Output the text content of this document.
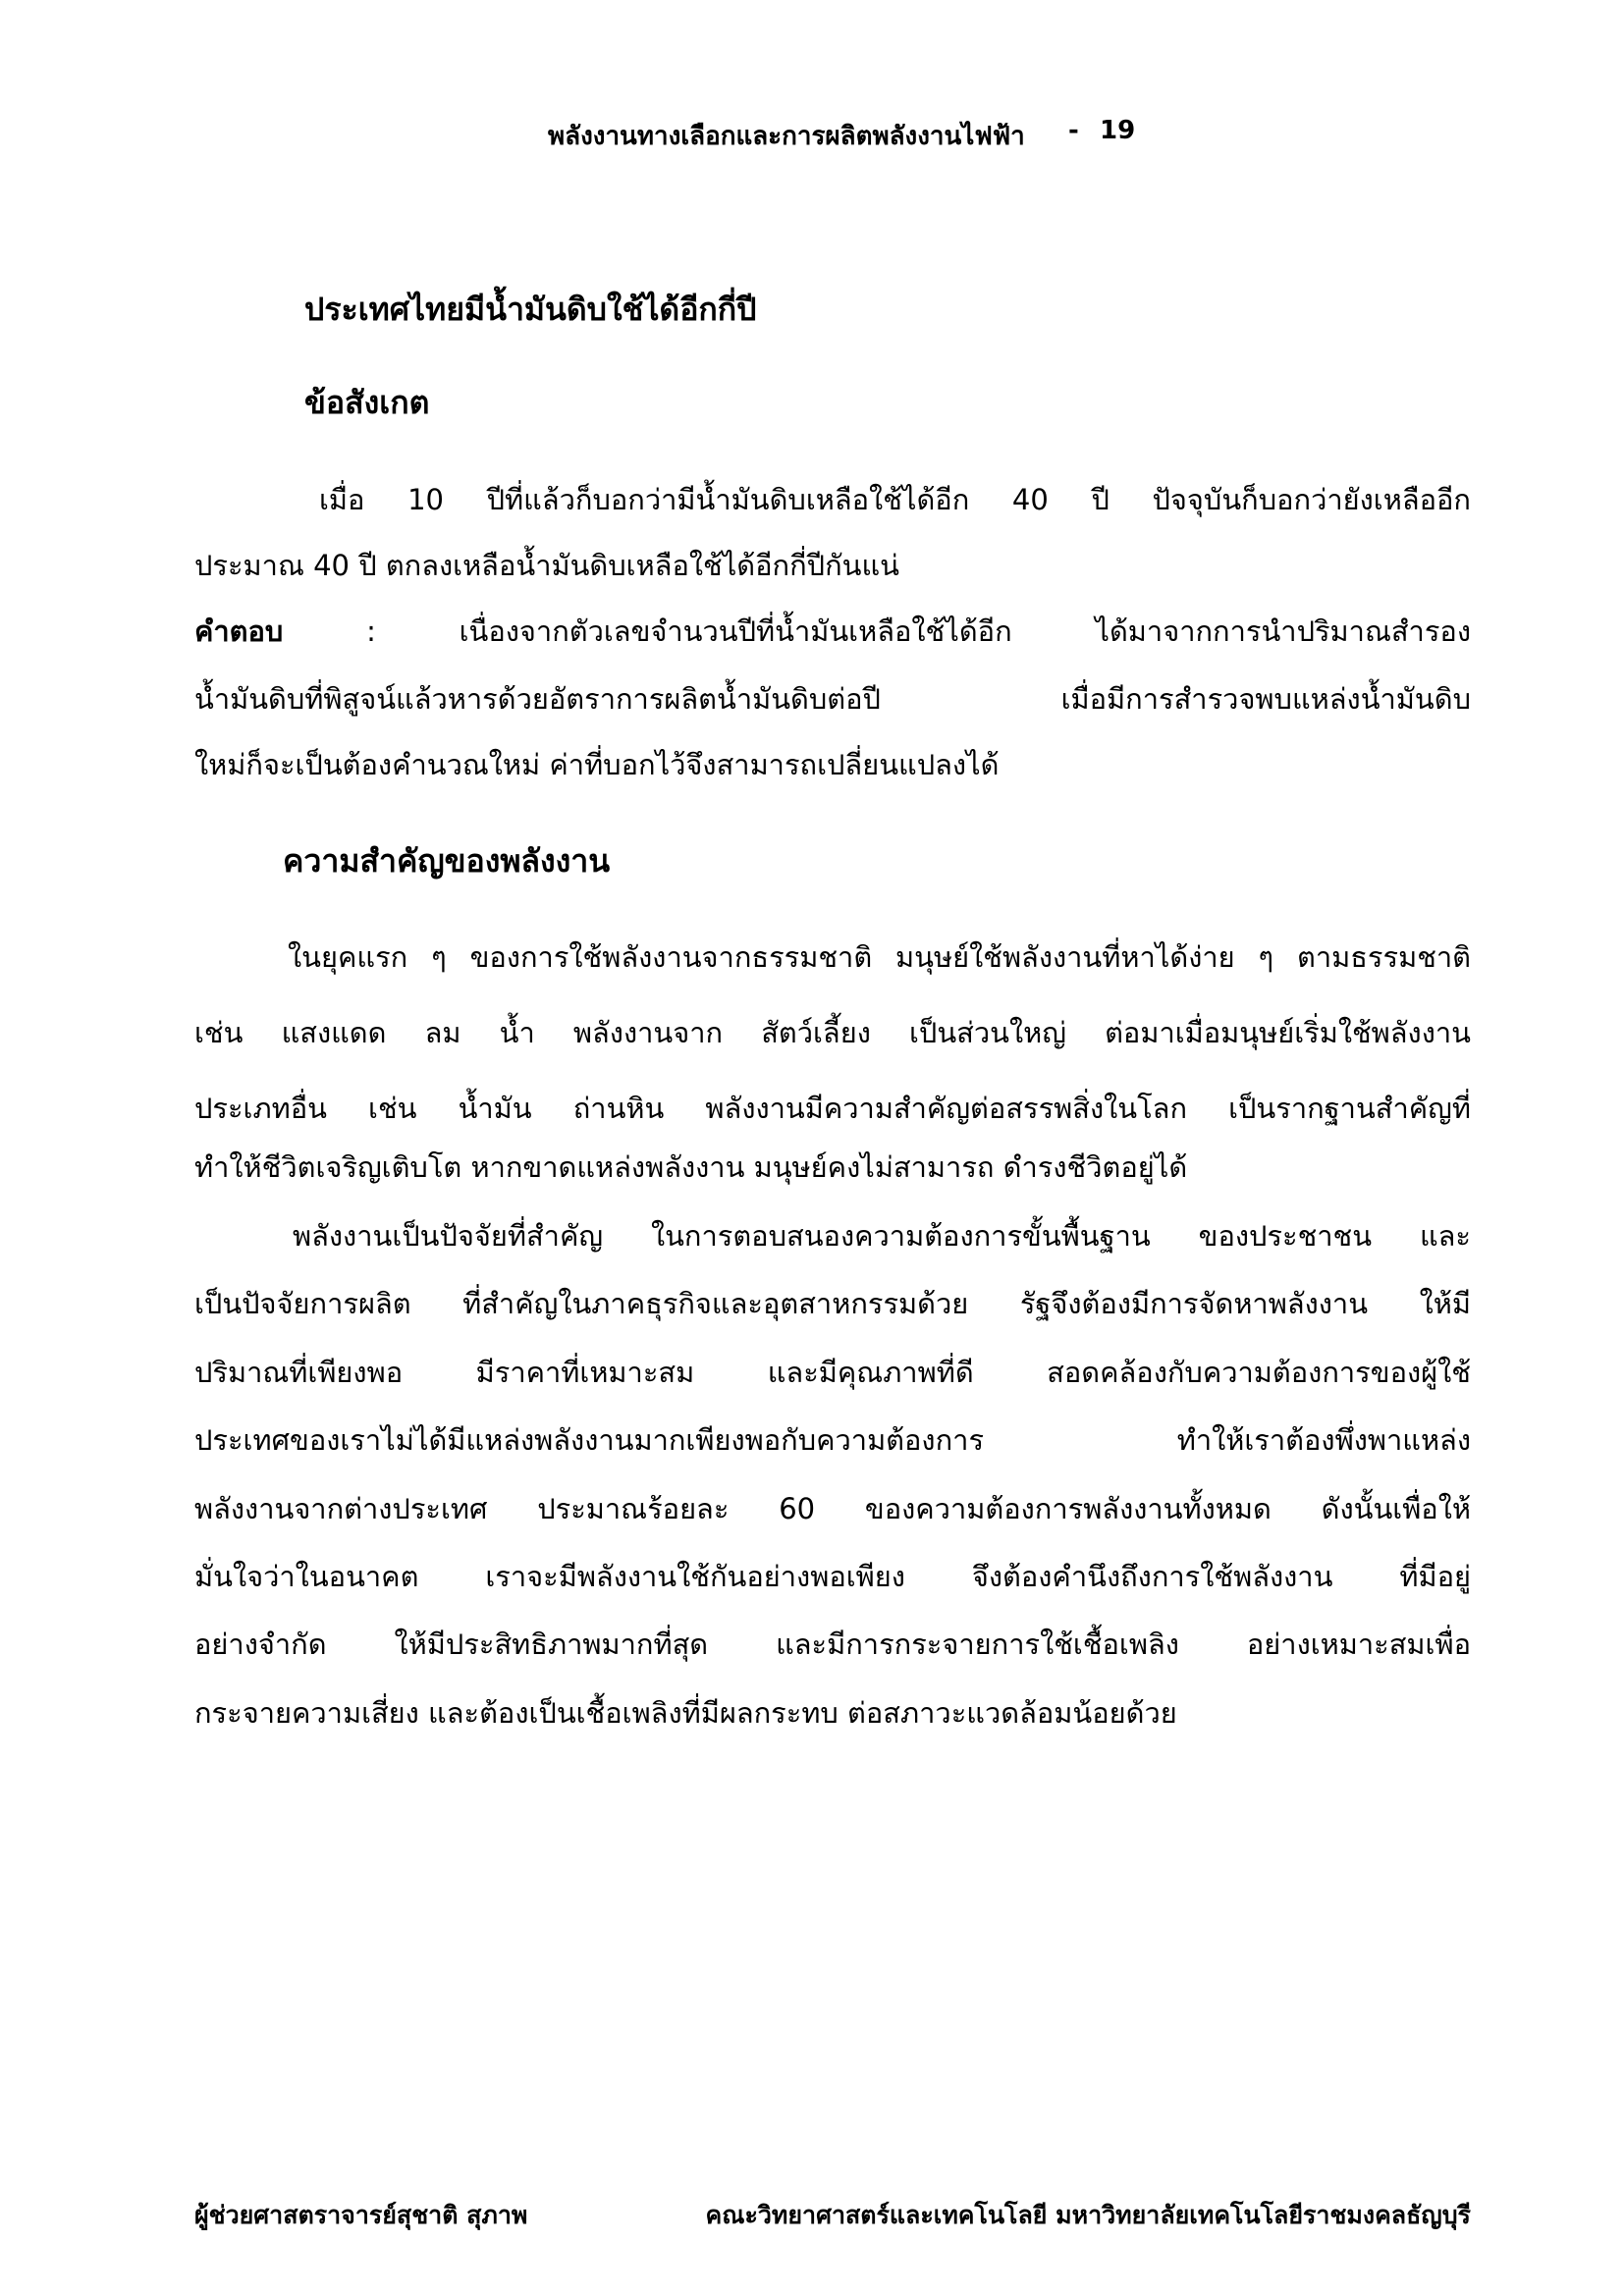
พลังงานทางเลือกและการผลิตพลังงานไฟฟ้า - 19
ประเทศไทยมีน้ำมันดิบใช้ได้อีกกี่ปี
ข้อสังเกต
เมื่อ 10 ปีที่แล้วก็บอกว่ามีน้ำมันดิบเหลือใช้ได้อีก 40 ปี ปัจจุบันก็บอกว่ายังเหลืออีก
ประมาณ 40 ปี ตกลงเหลือน้ำมันดิบเหลือใช้ได้อีกกี่ปีกันแน่
คำตอบ : เนื่องจากตัวเลขจำนวนปีที่น้ำมันเหลือใช้ได้อีก ได้มาจากการนำปริมาณสำรอง
น้ำมันดิบที่พิสูจน์แล้วหารด้วยอัตราการผลิตน้ำมันดิบต่อปี เมื่อมีการสำรวจพบแหล่งน้ำมันดิบ
ใหม่ก็จะเป็นต้องคำนวณใหม่ ค่าที่บอกไว้จึงสามารถเปลี่ยนแปลงได้
ความสำคัญของพลังงาน
ในยุคแรก ๆ ของการใช้พลังงานจากธรรมชาติ มนุษย์ใช้พลังงานที่หาได้ง่าย ๆ ตามธรรมชาติ
เช่น แสงแดด ลม น้ำ พลังงานจาก สัตว์เลี้ยง เป็นส่วนใหญ่ ต่อมาเมื่อมนุษย์เริ่มใช้พลังงาน
ประเภทอื่น เช่น น้ำมัน ถ่านหิน พลังงานมีความสำคัญต่อสรรพสิ่งในโลก เป็นรากฐานสำคัญที่
ทำให้ชีวิตเจริญเติบโต หากขาดแหล่งพลังงาน มนุษย์คงไม่สามารถ ดำรงชีวิตอยู่ได้
พลังงานเป็นปัจจัยที่สำคัญ ในการตอบสนองความต้องการขั้นพื้นฐาน ของประชาชน และ
เป็นปัจจัยการผลิต ที่สำคัญในภาคธุรกิจและอุตสาหกรรมด้วย รัฐจึงต้องมีการจัดหาพลังงาน ให้มี
ปริมาณที่เพียงพอ มีราคาที่เหมาะสม และมีคุณภาพที่ดี สอดคล้องกับความต้องการของผู้ใช้
ประเทศของเราไม่ได้มีแหล่งพลังงานมากเพียงพอกับความต้องการ ทำให้เราต้องพึ่งพาแหล่ง
พลังงานจากต่างประเทศ ประมาณร้อยละ 60 ของความต้องการพลังงานทั้งหมด ดังนั้นเพื่อให้
มั่นใจว่าในอนาคต เราจะมีพลังงานใช้กันอย่างพอเพียง จึงต้องคำนึงถึงการใช้พลังงาน ที่มีอยู่
อย่างจำกัด ให้มีประสิทธิภาพมากที่สุด และมีการกระจายการใช้เชื้อเพลิง อย่างเหมาะสมเพื่อ
กระจายความเสี่ยง และต้องเป็นเชื้อเพลิงที่มีผลกระทบ ต่อสภาวะแวดล้อมน้อยด้วย
ผู้ช่วยศาสตราจารย์สุชาติ สุภาพ	คณะวิทยาศาสตร์และเทคโนโลยี มหาวิทยาลัยเทคโนโลยีราชมงคลธัญบุรี
